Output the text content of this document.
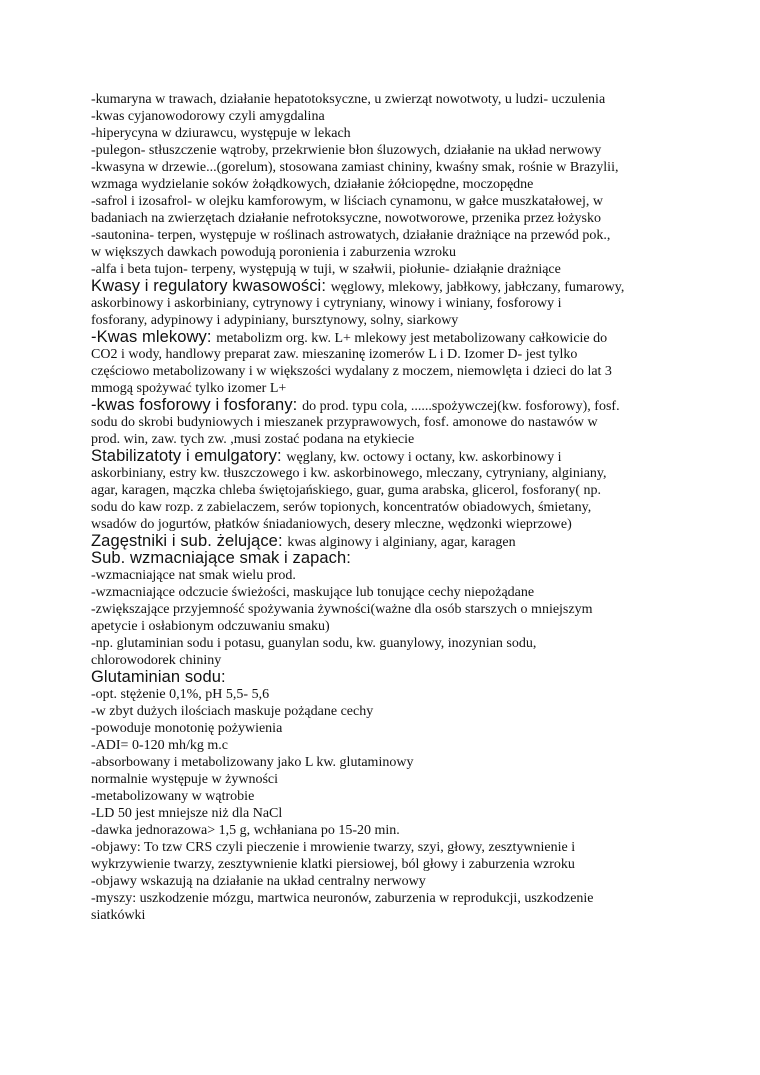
-kumaryna w trawach, działanie hepatotoksyczne, u zwierząt nowotwoty, u ludzi- uczulenia
-kwas cyjanowodorowy czyli amygdalina
-hiperycyna w dziurawcu, występuje w lekach
-pulegon- stłuszczenie wątroby, przekrwienie błon śluzowych, działanie na układ nerwowy
-kwasyna w drzewie...(gorelum), stosowana zamiast chininy, kwaśny smak, rośnie w Brazylii,
wzmaga wydzielanie soków żołądkowych, działanie żółciopędne, moczopędne
-safrol i izosafrol- w olejku kamforowym, w liściach cynamonu, w gałce muszkatałowej, w
badaniach na zwierzętach działanie nefrotoksyczne, nowotworowe, przenika przez łożysko
-sautonina- terpen, występuje w roślinach astrowatych, działanie drażniące na przewód pok.,
w większych dawkach powodują poronienia i zaburzenia wzroku
-alfa i beta tujon- terpeny, występują w tuji, w szałwii, piołunie- działąnie drażniące
Kwasy i regulatory kwasowości: węglowy, mlekowy, jabłkowy, jabłczany, fumarowy,
askorbinowy i askorbiniany, cytrynowy i cytryniany, winowy i winiany, fosforowy i
fosforany, adypinowy i adypiniany, bursztynowy, solny, siarkowy
-Kwas mlekowy: metabolizm org. kw. L+ mlekowy jest metabolizowany całkowicie do
CO2 i wody, handlowy preparat zaw. mieszaninę izomerów L i D. Izomer D- jest tylko
częściowo metabolizowany i w większości wydalany z moczem, niemowlęta i dzieci do lat 3
mmogą spożywać tylko izomer L+
-kwas fosforowy i fosforany: do prod. typu cola, ......spożywczej(kw. fosforowy), fosf.
sodu do skrobi budyniowych i mieszanek przyprawowych, fosf. amonowe do nastawów w
prod. win, zaw. tych zw. ,musi zostać podana na etykiecie
Stabilizatoty i emulgatory: węglany, kw. octowy i octany, kw. askorbinowy i
askorbiniany, estry kw. tłuszczowego i kw. askorbinowego, mleczany, cytryniany, alginiany,
agar, karagen, mączka chleba świętojańskiego, guar, guma arabska, glicerol, fosforany( np.
sodu do kaw rozp. z zabielaczem, serów topionych, koncentratów obiadowych, śmietany,
wsadów do jogurtów, płatków śniadaniowych, desery mleczne, wędzonki wieprzowe)
Zagęstniki i sub. żelujące: kwas alginowy i alginiany, agar, karagen
Sub. wzmacniające smak i zapach:
-wzmacniające nat smak wielu prod.
-wzmacniające odczucie świeżości, maskujące lub tonujące cechy niepożądane
-zwiększające przyjemność spożywania żywności(ważne dla osób starszych o mniejszym
apetycie i osłabionym odczuwaniu smaku)
-np. glutaminian sodu i potasu, guanylan sodu, kw. guanylowy, inozynian sodu,
chlorowodorek chininy
Glutaminian sodu:
-opt. stężenie 0,1%, pH 5,5- 5,6
-w zbyt dużych ilościach maskuje pożądane cechy
-powoduje monotonię pożywienia
-ADI= 0-120 mh/kg m.c
-absorbowany i metabolizowany jako L kw. glutaminowy
normalnie występuje w żywności
-metabolizowany w wątrobie
-LD 50 jest mniejsze niż dla NaCl
-dawka jednorazowa> 1,5 g, wchłaniana po 15-20 min.
-objawy: To tzw CRS czyli pieczenie i mrowienie twarzy, szyi, głowy, zesztywnienie i
wykrzywienie twarzy, zesztywnienie klatki piersiowej, ból głowy i zaburzenia wzroku
-objawy wskazują na działanie na układ centralny nerwowy
-myszy: uszkodzenie mózgu, martwica neuronów, zaburzenia w reprodukcji, uszkodzenie
siatkówki
